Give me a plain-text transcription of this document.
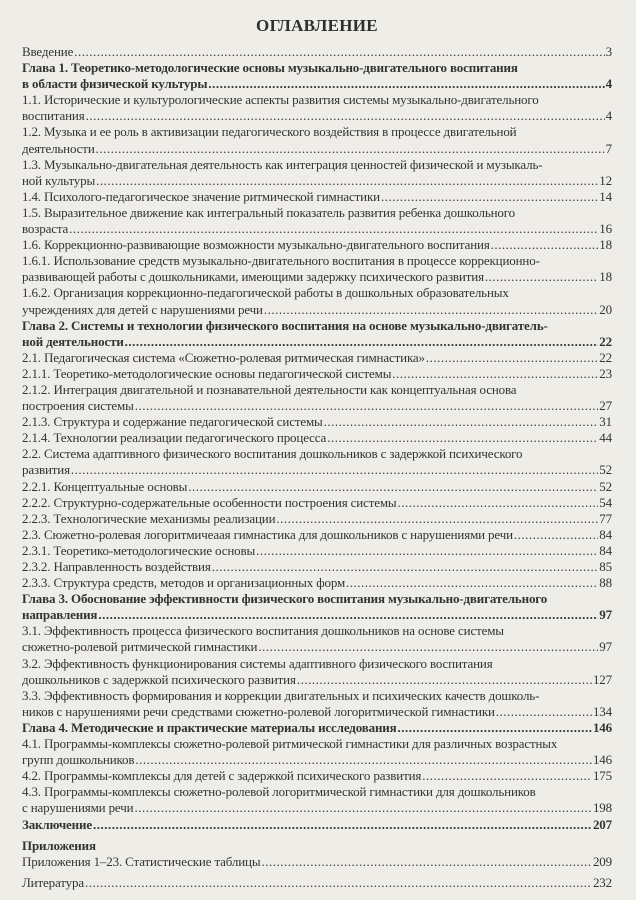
ОГЛАВЛЕНИЕ
Введение .....	3
Глава 1. Теоретико-методологические основы музыкально-двигательного воспитания
в области физической культуры .....	4
1.1. Исторические и культурологические аспекты развития системы музыкально-двигательного
воспитания .....	4
1.2. Музыка и ее роль в активизации педагогического воздействия в процессе двигательной
деятельности .....	7
1.3. Музыкально-двигательная деятельность как интеграция ценностей физической и музыкаль-
ной культуры .....	12
1.4. Психолого-педагогическое значение ритмической гимнастики .....	14
1.5. Выразительное движение как интегральный показатель развития ребенка дошкольного
возраста .....	16
1.6. Коррекционно-развивающие возможности музыкально-двигательного воспитания .....	18
1.6.1. Использование средств музыкально-двигательного воспитания в процессе коррекционно-
развивающей работы с дошкольниками, имеющими задержку психического развития .....	18
1.6.2. Организация коррекционно-педагогической работы в дошкольных образовательных
учреждениях для детей с нарушениями речи .....	20
Глава 2. Системы и технологии физического воспитания на основе музыкально-двигатель-
ной деятельности .....	22
2.1. Педагогическая система «Сюжетно-ролевая ритмическая гимнастика» .....	22
2.1.1. Теоретико-методологические основы педагогической системы .....	23
2.1.2. Интеграция двигательной и познавательной деятельности как концептуальная основа
построения системы .....	27
2.1.3. Структура и содержание педагогической системы .....	31
2.1.4. Технологии реализации педагогического процесса .....	44
2.2. Система адаптивного физического воспитания дошкольников с задержкой психического
развития .....	52
2.2.1. Концептуальные основы .....	52
2.2.2. Структурно-содержательные особенности построения системы .....	54
2.2.3. Технологические механизмы реализации .....	77
2.3. Сюжетно-ролевая логоритмичеаая гимнастика для дошкольников с нарушениями речи .....	84
2.3.1. Теоретико-методологические основы .....	84
2.3.2. Направленность воздействия .....	85
2.3.3. Структура средств, методов и организационных форм .....	88
Глава 3. Обоснование эффективности физического воспитания музыкально-двигательного
направления .....	97
3.1. Эффективность процесса физического воспитания дошкольников на основе системы
сюжетно-ролевой ритмической гимнастики .....	97
3.2. Эффективность функционирования системы адаптивного физического воспитания
дошкольников с задержкой психического развития .....	127
3.3. Эффективность формирования и коррекции двигательных и психических качеств дошколь-
ников с нарушениями речи средствами сюжетно-ролевой логоритмической гимнастики .....	134
Глава 4. Методические и практические материалы исследования .....	146
4.1. Программы-комплексы сюжетно-ролевой ритмической гимнастики для различных возрастных
групп дошкольников .....	146
4.2. Программы-комплексы для детей с задержкой психического развития .....	175
4.3. Программы-комплексы сюжетно-ролевой логоритмической гимнастики для дошкольников
с нарушениями речи .....	198
Заключение .....	207
Приложения
Приложения 1–23. Статистические таблицы .....	209
Литература .....	232
